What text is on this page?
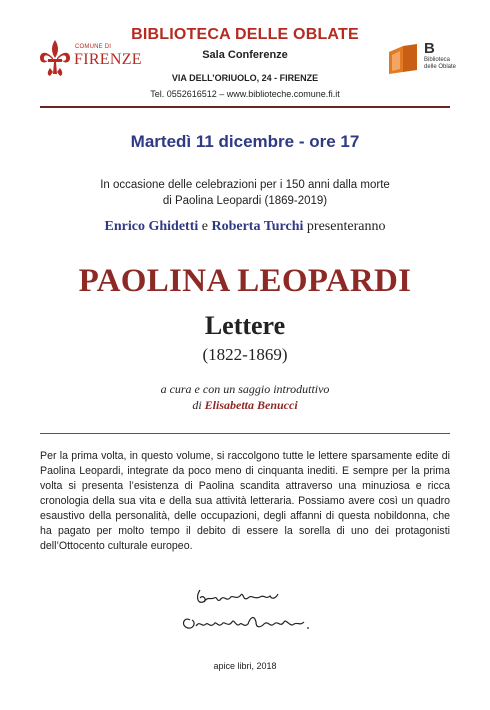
COMUNE DI
FIRENZE
B
Biblioteca
delle Oblate
BIBLIOTECA DELLE OBLATE
Sala Conferenze
VIA DELL’ORIUOLO, 24 - FIRENZE
Tel. 0552616512 – www.biblioteche.comune.fi.it
Martedì 11 dicembre - ore 17
In occasione delle celebrazioni per i 150 anni dalla morte
di Paolina Leopardi (1869-2019)
Enrico Ghidetti e Roberta Turchi presenteranno
PAOLINA LEOPARDI
Lettere
(1822-1869)
a cura e con un saggio introduttivo
di Elisabetta Benucci
Per la prima volta, in questo volume, si raccolgono tutte le lettere sparsamente edite di Paolina Leopardi, integrate da poco meno di cinquanta inediti. E sempre per la prima volta si presenta l’esistenza di Paolina scandita attraverso una minuziosa e ricca cronologia della sua vita e della sua attività letteraria. Possiamo avere così un quadro esaustivo della personalità, delle occupazioni, degli affanni di questa nobildonna, che ha pagato per molto tempo il debito di essere la sorella di uno dei protagonisti dell’Ottocento culturale europeo.
apice libri, 2018
